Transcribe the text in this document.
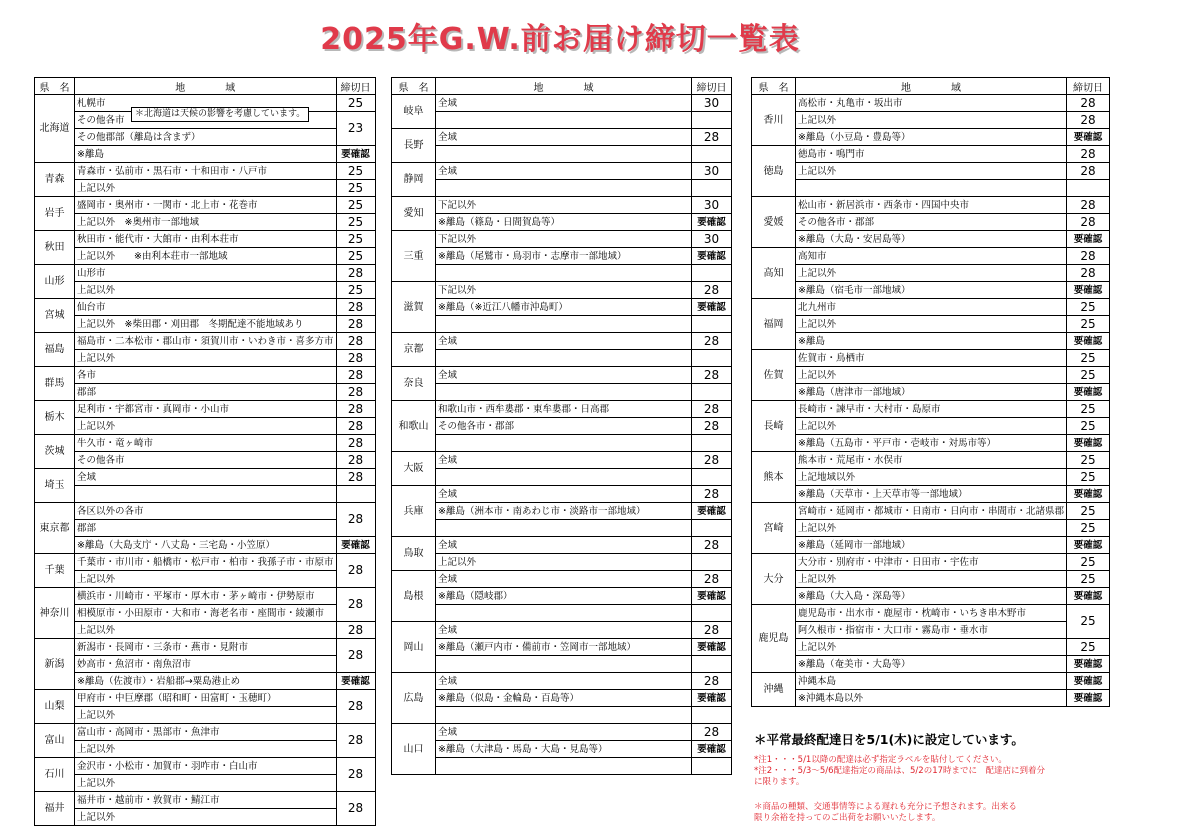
2025年G.W.前お届け締切一覧表
県　名	地　　　　域	締切日
北海道	札幌市	25
	その他各市	23
	その他郡部（離島は含まず）	
	※離島	要確認
青森	青森市・弘前市・黒石市・十和田市・八戸市	25
	上記以外	25
岩手	盛岡市・奥州市・一関市・北上市・花巻市	25
	上記以外　※奥州市一部地域	25
秋田	秋田市・能代市・大館市・由利本荘市	25
	上記以外　　※由利本荘市一部地域	25
山形	山形市	28
	上記以外	25
宮城	仙台市	28
	上記以外　※柴田郡・刈田郡　冬期配達不能地域あり	28
福島	福島市・二本松市・郡山市・須賀川市・いわき市・喜多方市	28
	上記以外	28
群馬	各市	28
	郡部	28
栃木	足利市・宇都宮市・真岡市・小山市	28
	上記以外	28
茨城	牛久市・竜ヶ崎市	28
	その他各市	28
埼玉	全域	28

東京都	各区以外の各市	28
	郡部	
	※離島（大島支庁・八丈島・三宅島・小笠原）	要確認
千葉	千葉市・市川市・船橋市・松戸市・柏市・我孫子市・市原市	28
	上記以外	
神奈川	横浜市・川崎市・平塚市・厚木市・茅ヶ崎市・伊勢原市	28
	相模原市・小田原市・大和市・海老名市・座間市・綾瀬市	
	上記以外	28
新潟	新潟市・長岡市・三条市・燕市・見附市	28
	妙高市・魚沼市・南魚沼市	
	※離島（佐渡市）・岩船郡→粟島港止め	要確認
山梨	甲府市・中巨摩郡（昭和町・田富町・玉穂町）	28
	上記以外	
富山	富山市・高岡市・黒部市・魚津市	28
	上記以外	
石川	金沢市・小松市・加賀市・羽咋市・白山市	28
	上記以外	
福井	福井市・越前市・敦賀市・鯖江市	28
	上記以外	
県　名	地　　　　域	締切日
岐阜	全域	30

長野	全域	28

静岡	全域	30

愛知	下記以外	30
	※離島（篠島・日間賀島等）	要確認
三重	下記以外	30
	※離島（尾鷲市・鳥羽市・志摩市一部地域）	要確認

滋賀	下記以外	28
	※離島（※近江八幡市沖島町）	要確認

京都	全域	28

奈良	全域	28

和歌山	和歌山市・西牟婁郡・東牟婁郡・日高郡	28
	その他各市・郡部	28

大阪	全域	28

兵庫	全域	28
	※離島（洲本市・南あわじ市・淡路市一部地域）	要確認

鳥取	全域	28
	上記以外	
島根	全域	28
	※離島（隠岐郡）	要確認

岡山	全域	28
	※離島（瀬戸内市・備前市・笠岡市一部地域）	要確認

広島	全域	28
	※離島（似島・金輪島・百島等）	要確認

山口	全域	28
	※離島（大津島・馬島・大島・見島等）	要確認

県　名	地　　　　域	締切日
香川	高松市・丸亀市・坂出市	28
	上記以外	28
	※離島（小豆島・豊島等）	要確認
徳島	徳島市・鳴門市	28
	上記以外	28

愛媛	松山市・新居浜市・西条市・四国中央市	28
	その他各市・郡部	28
	※離島（大島・安居島等）	要確認
高知	高知市	28
	上記以外	28
	※離島（宿毛市一部地域）	要確認
福岡	北九州市	25
	上記以外	25
	※離島	要確認
佐賀	佐賀市・鳥栖市	25
	上記以外	25
	※離島（唐津市一部地域）	要確認
長崎	長崎市・諫早市・大村市・島原市	25
	上記以外	25
	※離島（五島市・平戸市・壱岐市・対馬市等）	要確認
熊本	熊本市・荒尾市・水俣市	25
	上記地域以外	25
	※離島（天草市・上天草市等一部地域）	要確認
宮崎	宮崎市・延岡市・都城市・日南市・日向市・串間市・北諸県郡	25
	上記以外	25
	※離島（延岡市一部地域）	要確認
大分	大分市・別府市・中津市・日田市・宇佐市	25
	上記以外	25
	※離島（大入島・深島等）	要確認
鹿児島	鹿児島市・出水市・鹿屋市・枕崎市・いちき串木野市	25
	阿久根市・指宿市・大口市・霧島市・垂水市	
	上記以外	25
	※離島（奄美市・大島等）	要確認
沖縄	沖縄本島	要確認
	※沖縄本島以外	要確認
＊北海道は天候の影響を考慮しています。
＊平常最終配達日を5/1(木)に設定しています。
*注1・・・5/1以降の配達は必ず指定ラベルを貼付してください。
*注2・・・5/3〜5/6配達指定の商品は、5/2の17時までに　配達店に到着分
に限ります。
＊商品の種類、交通事情等による遅れも充分に予想されます。出来る
限り余裕を持ってのご出荷をお願いいたします。
